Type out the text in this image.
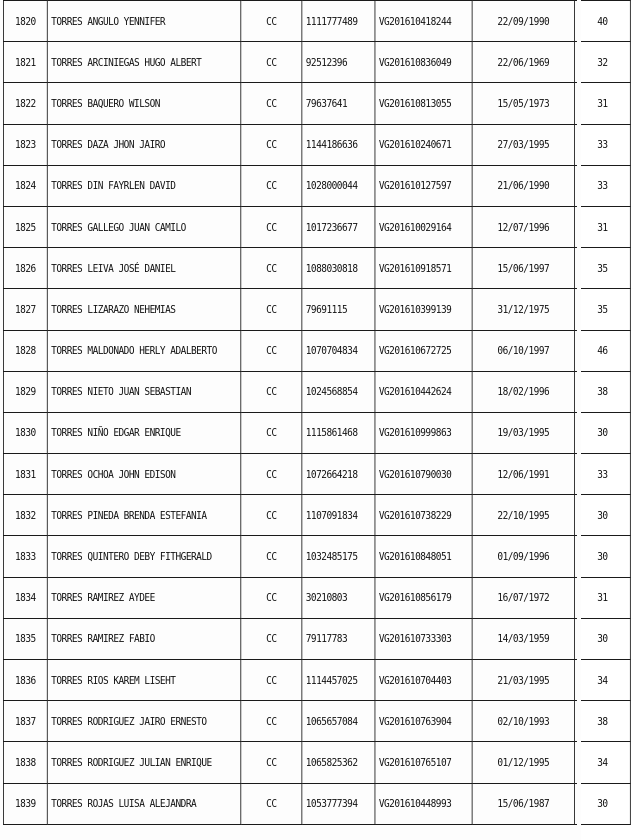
1820	TORRES ANGULO YENNIFER	CC	1111777489	VG201610418244	22/09/1990	40
1821	TORRES ARCINIEGAS HUGO ALBERT	CC	92512396	VG201610836049	22/06/1969	32
1822	TORRES BAQUERO WILSON	CC	79637641	VG201610813055	15/05/1973	31
1823	TORRES DAZA JHON JAIRO	CC	1144186636	VG201610240671	27/03/1995	33
1824	TORRES DIN FAYRLEN DAVID	CC	1028000044	VG201610127597	21/06/1990	33
1825	TORRES GALLEGO JUAN CAMILO	CC	1017236677	VG201610029164	12/07/1996	31
1826	TORRES LEIVA JOSÉ DANIEL	CC	1088030818	VG201610918571	15/06/1997	35
1827	TORRES LIZARAZO NEHEMIAS	CC	79691115	VG201610399139	31/12/1975	35
1828	TORRES MALDONADO HERLY ADALBERTO	CC	1070704834	VG201610672725	06/10/1997	46
1829	TORRES NIETO JUAN SEBASTIAN	CC	1024568854	VG201610442624	18/02/1996	38
1830	TORRES NIÑO EDGAR ENRIQUE	CC	1115861468	VG201610999863	19/03/1995	30
1831	TORRES OCHOA JOHN EDISON	CC	1072664218	VG201610790030	12/06/1991	33
1832	TORRES PINEDA BRENDA ESTEFANIA	CC	1107091834	VG201610738229	22/10/1995	30
1833	TORRES QUINTERO DEBY FITHGERALD	CC	1032485175	VG201610848051	01/09/1996	30
1834	TORRES RAMIREZ AYDEE	CC	30210803	VG201610856179	16/07/1972	31
1835	TORRES RAMIREZ FABIO	CC	79117783	VG201610733303	14/03/1959	30
1836	TORRES RIOS KAREM LISEHT	CC	1114457025	VG201610704403	21/03/1995	34
1837	TORRES RODRIGUEZ JAIRO ERNESTO	CC	1065657084	VG201610763904	02/10/1993	38
1838	TORRES RODRIGUEZ JULIAN ENRIQUE	CC	1065825362	VG201610765107	01/12/1995	34
1839	TORRES ROJAS LUISA ALEJANDRA	CC	1053777394	VG201610448993	15/06/1987	30
